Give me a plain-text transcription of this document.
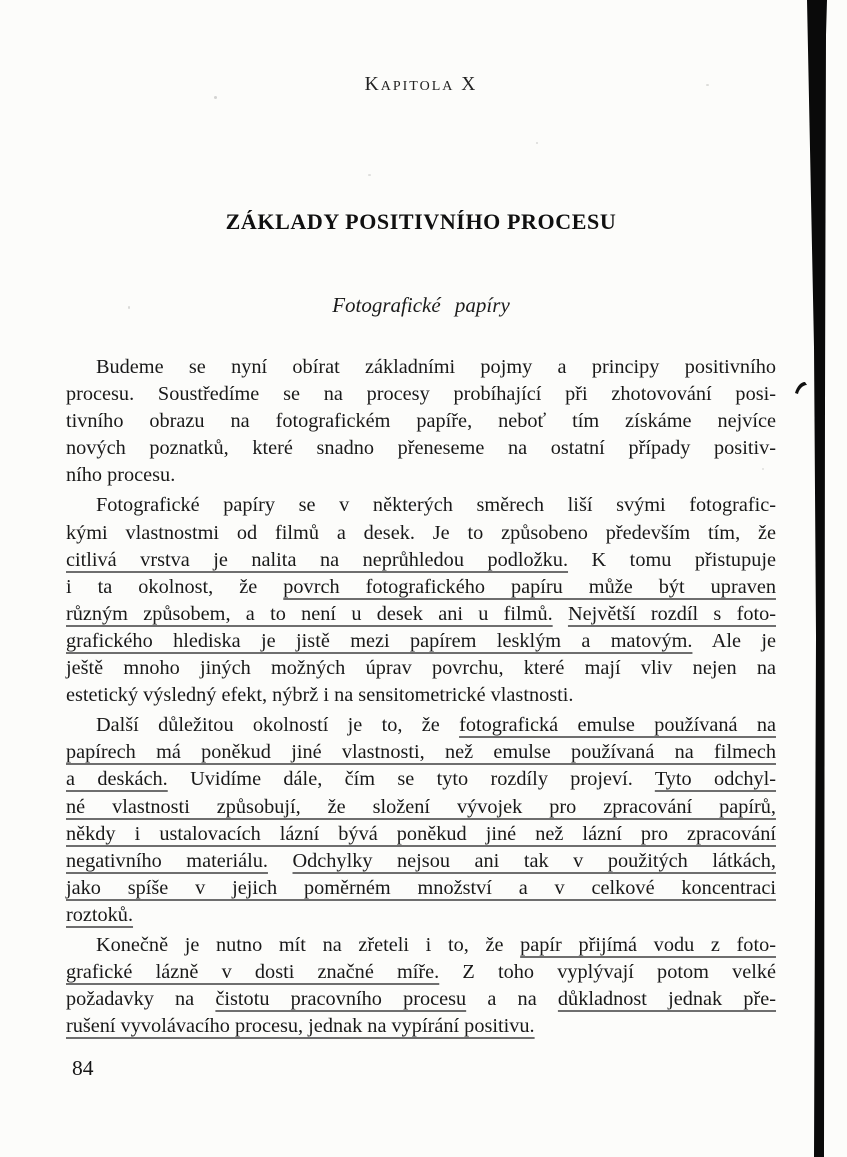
Kapitola X
ZÁKLADY POSITIVNÍHO PROCESU
Fotografické papíry
Budeme se nyní obírat základními pojmy a principy positivního
procesu. Soustředíme se na procesy probíhající při zhotovování posi-
tivního obrazu na fotografickém papíře, neboť tím získáme nejvíce
nových poznatků, které snadno přeneseme na ostatní případy positiv-
ního procesu.
Fotografické papíry se v některých směrech liší svými fotografic-
kými vlastnostmi od filmů a desek. Je to způsobeno především tím, že
citlivá vrstva je nalita na neprůhledou podložku. K tomu přistupuje
i ta okolnost, že povrch fotografického papíru může být upraven
různým způsobem, a to není u desek ani u filmů. Největší rozdíl s foto-
grafického hlediska je jistě mezi papírem lesklým a matovým. Ale je
ještě mnoho jiných možných úprav povrchu, které mají vliv nejen na
estetický výsledný efekt, nýbrž i na sensitometrické vlastnosti.
Další důležitou okolností je to, že fotografická emulse používaná na
papírech má poněkud jiné vlastnosti, než emulse používaná na filmech
a deskách. Uvidíme dále, čím se tyto rozdíly projeví. Tyto odchyl-
né vlastnosti způsobují, že složení vývojek pro zpracování papírů,
někdy i ustalovacích lázní bývá poněkud jiné než lázní pro zpracování
negativního materiálu. Odchylky nejsou ani tak v použitých látkách,
jako spíše v jejich poměrném množství a v celkové koncentraci
roztoků.
Konečně je nutno mít na zřeteli i to, že papír přijímá vodu z foto-
grafické lázně v dosti značné míře. Z toho vyplývají potom velké
požadavky na čistotu pracovního procesu a na důkladnost jednak pře-
rušení vyvolávacího procesu, jednak na vypírání positivu.
84
